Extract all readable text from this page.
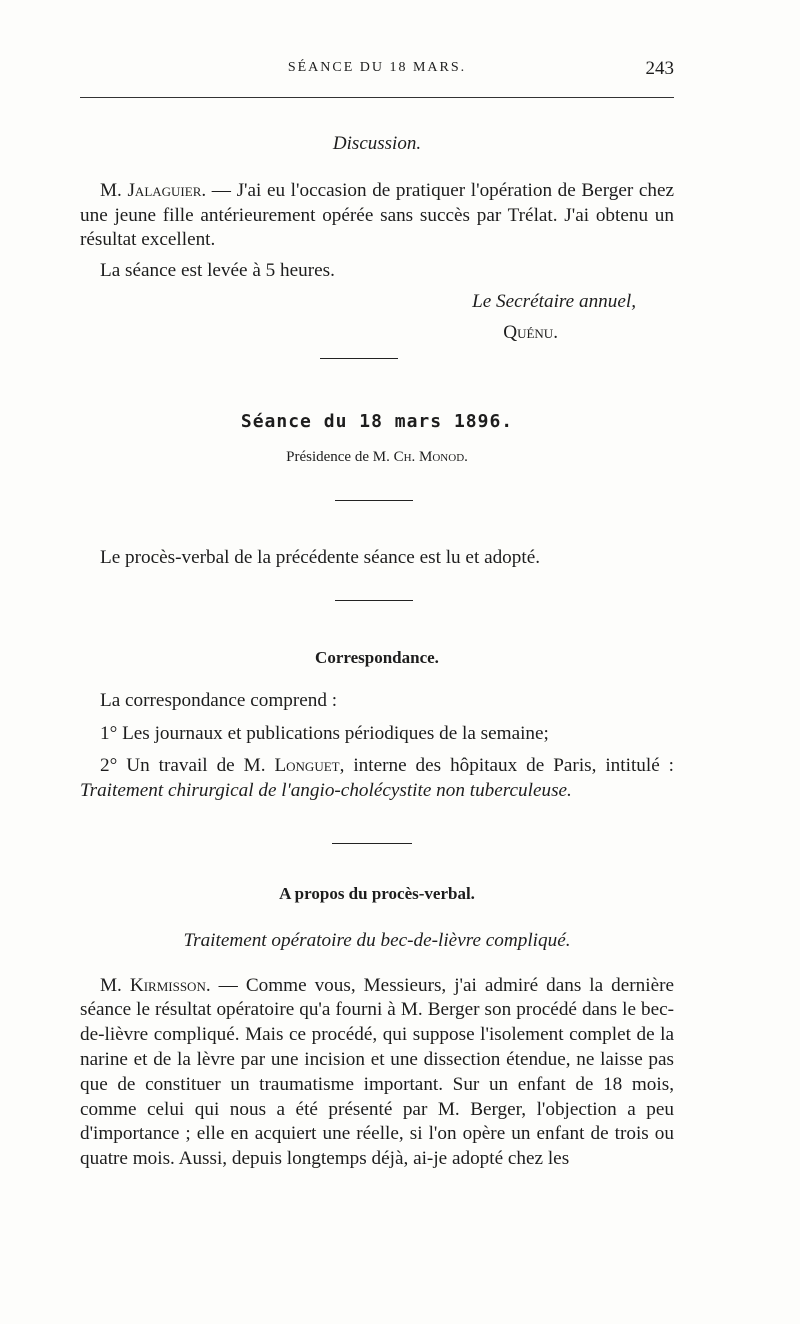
SÉANCE DU 18 MARS.	243

Discussion.

M. Jalaguier. — J'ai eu l'occasion de pratiquer l'opération de Berger chez une jeune fille antérieurement opérée sans succès par Trélat. J'ai obtenu un résultat excellent.

La séance est levée à 5 heures.

Le Secrétaire annuel,

Quénu.

Séance du 18 mars 1896.

Présidence de M. Ch. Monod.

Le procès-verbal de la précédente séance est lu et adopté.

Correspondance.

La correspondance comprend :

1° Les journaux et publications périodiques de la semaine;

2° Un travail de M. Longuet, interne des hôpitaux de Paris, intitulé : Traitement chirurgical de l'angio-cholécystite non tuberculeuse.

A propos du procès-verbal.

Traitement opératoire du bec-de-lièvre compliqué.

M. Kirmisson. — Comme vous, Messieurs, j'ai admiré dans la dernière séance le résultat opératoire qu'a fourni à M. Berger son procédé dans le bec-de-lièvre compliqué. Mais ce procédé, qui suppose l'isolement complet de la narine et de la lèvre par une incision et une dissection étendue, ne laisse pas que de constituer un traumatisme important. Sur un enfant de 18 mois, comme celui qui nous a été présenté par M. Berger, l'objection a peu d'importance ; elle en acquiert une réelle, si l'on opère un enfant de trois ou quatre mois. Aussi, depuis longtemps déjà, ai-je adopté chez les
